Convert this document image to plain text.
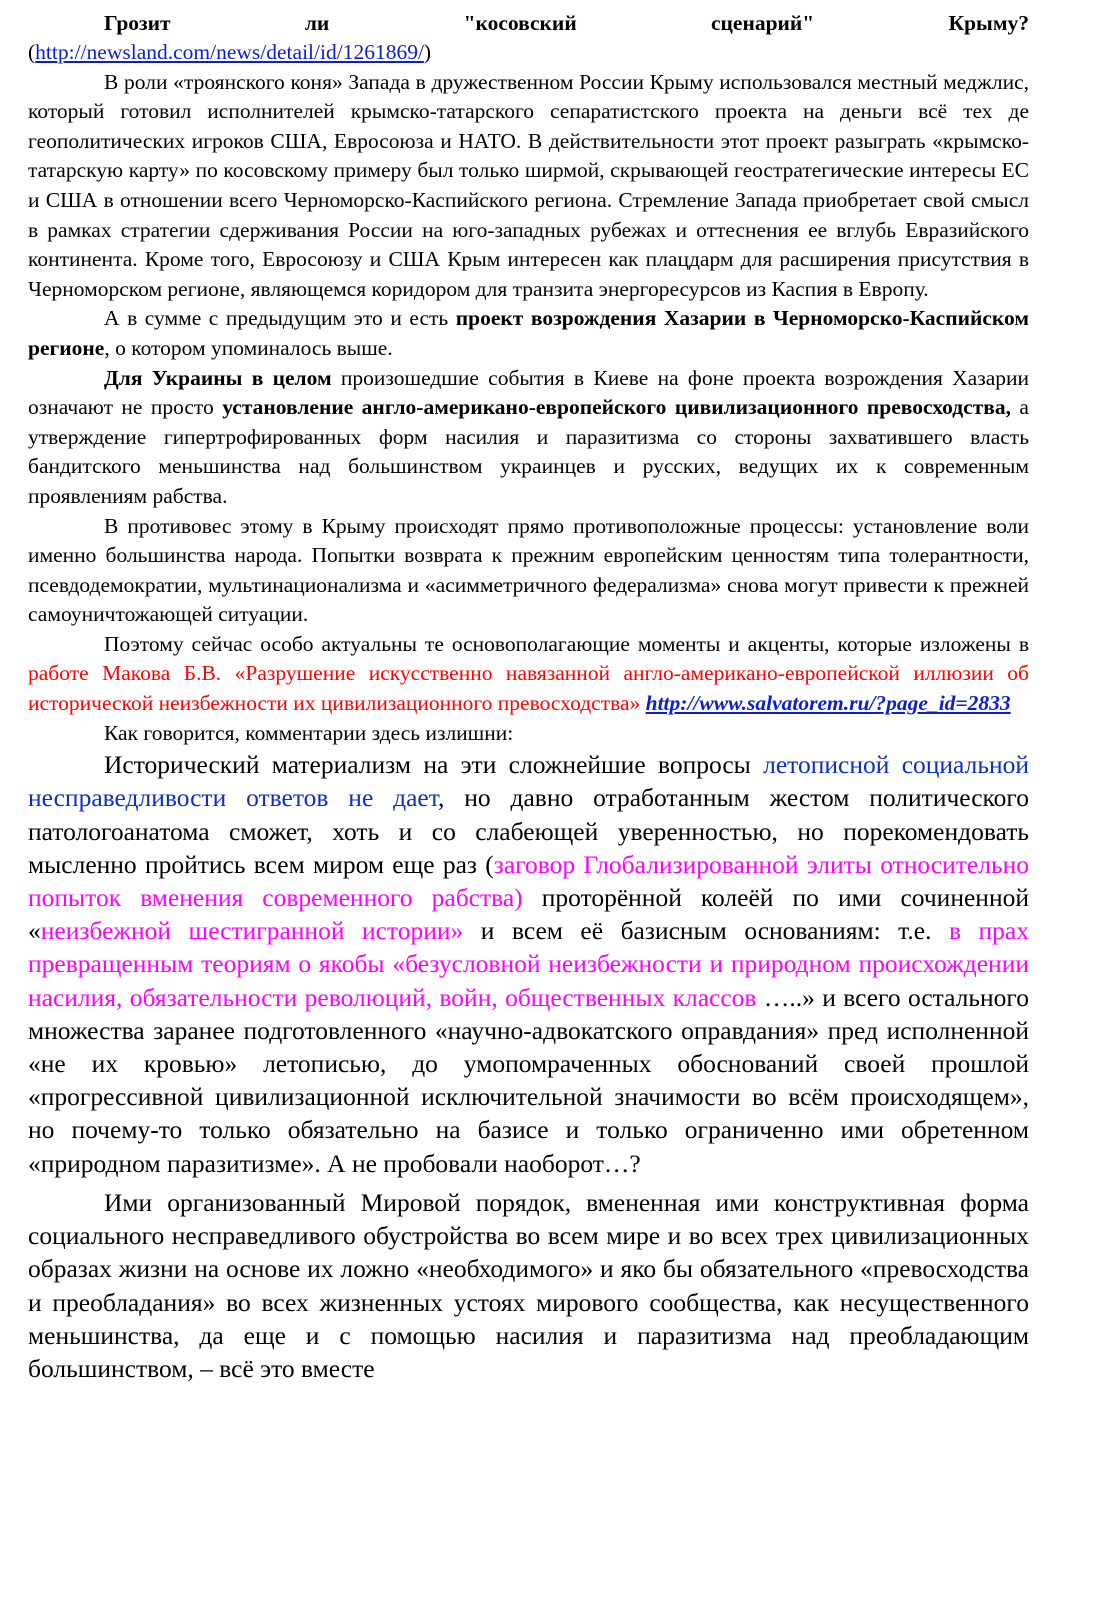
Грозит	ли	"косовский	сценарий"	Крыму?

(http://newsland.com/news/detail/id/1261869/)

В роли «троянского коня» Запада в дружественном России Крыму использовался местный меджлис, который готовил исполнителей крымско-татарского сепаратистского проекта на деньги всё тех де геополитических игроков США, Евросоюза и НАТО. В действительности этот проект разыграть «крымско-татарскую карту» по косовскому примеру был только ширмой, скрывающей геостратегические интересы ЕС и США в отношении всего Черноморско-Каспийского региона. Стремление Запада приобретает свой смысл в рамках стратегии сдерживания России на юго-западных рубежах и оттеснения ее вглубь Евразийского континента. Кроме того, Евросоюзу и США Крым интересен как плацдарм для расширения присутствия в Черноморском регионе, являющемся коридором для транзита энергоресурсов из Каспия в Европу.

А в сумме с предыдущим это и есть проект возрождения Хазарии в Черноморско-Каспийском регионе, о котором упоминалось выше.

Для Украины в целом произошедшие события в Киеве на фоне проекта возрождения Хазарии означают не просто установление англо-американо-европейского цивилизационного превосходства, а утверждение гипертрофированных форм насилия и паразитизма со стороны захватившего власть бандитского меньшинства над большинством украинцев и русских, ведущих их к современным проявлениям рабства.

В противовес этому в Крыму происходят прямо противоположные процессы: установление воли именно большинства народа. Попытки возврата к прежним европейским ценностям типа толерантности, псевдодемократии, мультинационализма и «асимметричного федерализма» снова могут привести к прежней самоуничтожающей ситуации.

Поэтому сейчас особо актуальны те основополагающие моменты и акценты, которые изложены в работе Макова Б.В. «Разрушение искусственно навязанной англо-американо-европейской иллюзии об исторической неизбежности их цивилизационного превосходства» http://www.salvatorem.ru/?page_id=2833

Как говорится, комментарии здесь излишни:

Исторический материализм на эти сложнейшие вопросы летописной социальной несправедливости ответов не дает, но давно отработанным жестом политического патологоанатома сможет, хоть и со слабеющей уверенностью, но порекомендовать мысленно пройтись всем миром еще раз (заговор Глобализированной элиты относительно попыток вменения современного рабства) проторённой колеёй по ими сочиненной «неизбежной шестигранной истории» и всем её базисным основаниям: т.е. в прах превращенным теориям о якобы «безусловной неизбежности и природном происхождении насилия, обязательности революций, войн, общественных классов …..» и всего остального множества заранее подготовленного «научно-адвокатского оправдания» пред исполненной «не их кровью» летописью, до умопомраченных обоснований своей прошлой «прогрессивной цивилизационной исключительной значимости во всём происходящем», но почему-то только обязательно на базисе и только ограниченно ими обретенном «природном паразитизме». А не пробовали наоборот…?

Ими организованный Мировой порядок, вмененная ими конструктивная форма социального несправедливого обустройства во всем мире и во всех трех цивилизационных образах жизни на основе их ложно «необходимого» и яко бы обязательного «превосходства и преобладания» во всех жизненных устоях мирового сообщества, как несущественного меньшинства, да еще и с помощью насилия и паразитизма над преобладающим большинством, – всё это вместе
